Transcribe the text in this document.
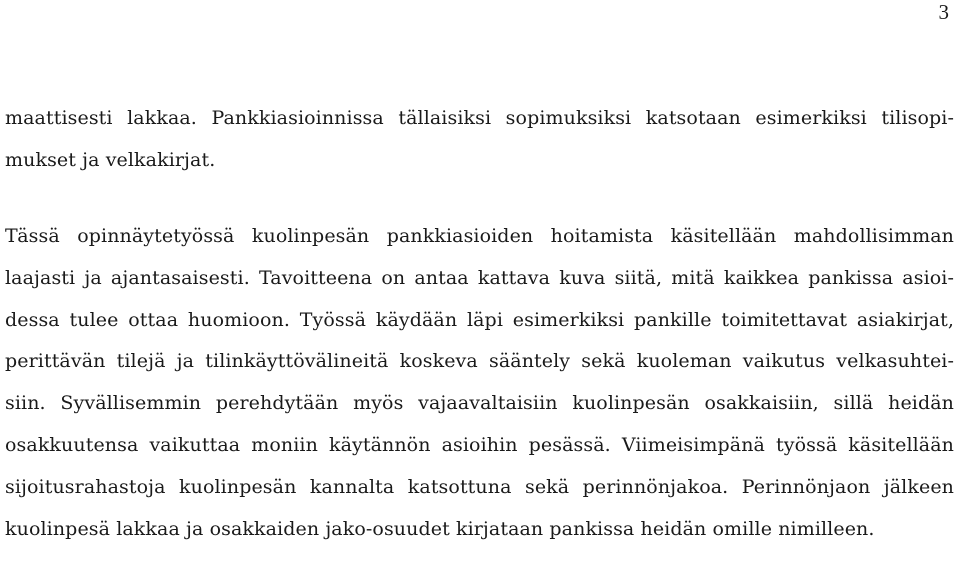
3
maattisesti lakkaa. Pankkiasioinnissa tällaisiksi sopimuksiksi katsotaan esimerkiksi tilisopi-
mukset ja velkakirjat.
Tässä opinnäytetyössä kuolinpesän pankkiasioiden hoitamista käsitellään mahdollisimman
laajasti ja ajantasaisesti. Tavoitteena on antaa kattava kuva siitä, mitä kaikkea pankissa asioi-
dessa tulee ottaa huomioon. Työssä käydään läpi esimerkiksi pankille toimitettavat asiakirjat,
perittävän tilejä ja tilinkäyttövälineitä koskeva sääntely sekä kuoleman vaikutus velkasuhtei-
siin. Syvällisemmin perehdytään myös vajaavaltaisiin kuolinpesän osakkaisiin, sillä heidän
osakkuutensa vaikuttaa moniin käytännön asioihin pesässä. Viimeisimpänä työssä käsitellään
sijoitusrahastoja kuolinpesän kannalta katsottuna sekä perinnönjakoa. Perinnönjaon jälkeen
kuolinpesä lakkaa ja osakkaiden jako-osuudet kirjataan pankissa heidän omille nimilleen.
